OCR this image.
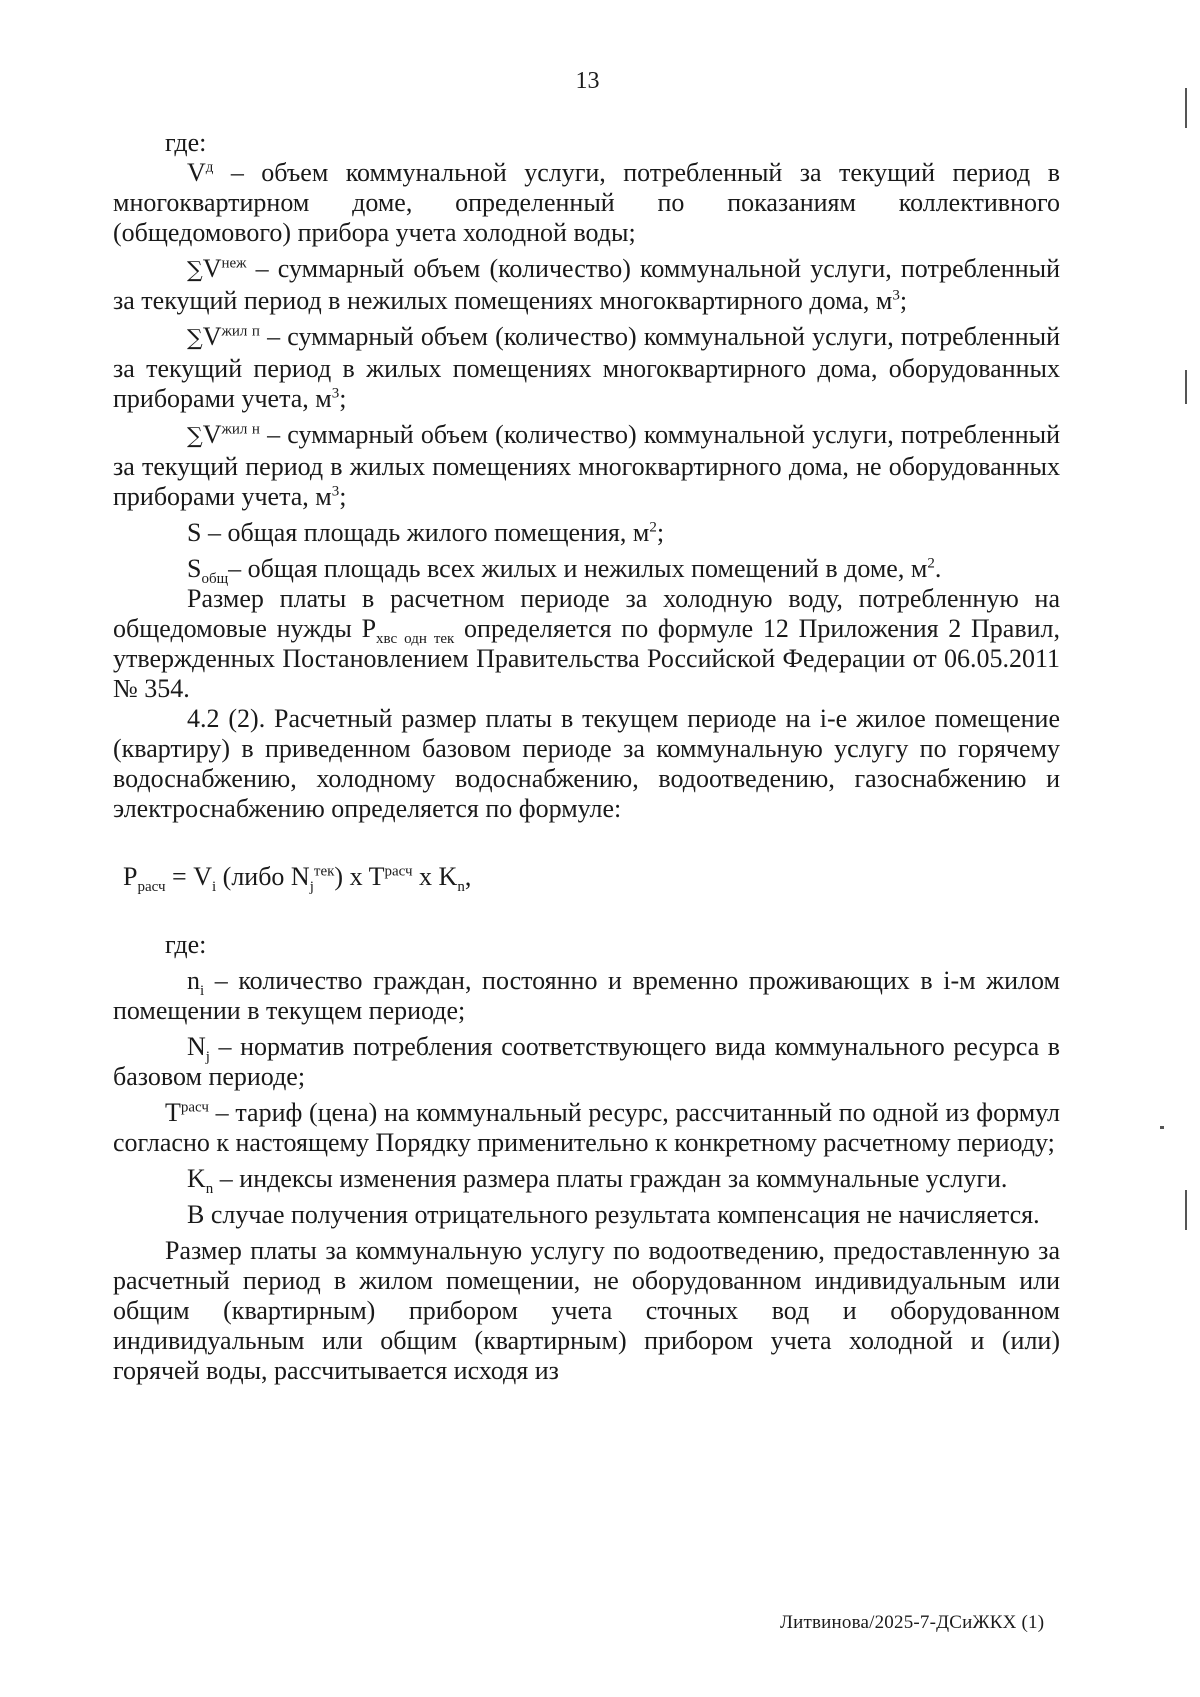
13

где:

$V^д$ – объем коммунальной услуги, потребленный за текущий период в многоквартирном доме, определенный по показаниям коллективного (общедомового) прибора учета холодной воды;

$\sum V^{неж}$ – суммарный объем (количество) коммунальной услуги, потребленный за текущий период в нежилых помещениях многоквартирного дома, $м^3$;

$\sum V^{жил п}$ – суммарный объем (количество) коммунальной услуги, потребленный за текущий период в жилых помещениях многоквартирного дома, оборудованных приборами учета, $м^3$;

$\sum V^{жил н}$ – суммарный объем (количество) коммунальной услуги, потребленный за текущий период в жилых помещениях многоквартирного дома, не оборудованных приборами учета, $м^3$;

S – общая площадь жилого помещения, $м^2$;

$S_{общ}-$ общая площадь всех жилых и нежилых помещений в доме, $м^2$.

Размер платы в расчетном периоде за холодную воду, потребленную на общедомовые нужды $P_{хвс одн тек}$ определяется по формуле 12 Приложения 2 Правил, утвержденных Постановлением Правительства Российской Федерации от 06.05.2011 № 354.

4.2 (2). Расчетный размер платы в текущем периоде на i-е жилое помещение (квартиру) в приведенном базовом периоде за коммунальную услугу по горячему водоснабжению, холодному водоснабжению, водоотведению, газоснабжению и электроснабжению определяется по формуле:

$P_{расч} = V_i$ (либо $N_j^{тек}$) x $T^{расч}$ x $K_n$,

где:

$n_i$ – количество граждан, постоянно и временно проживающих в i-м жилом помещении в текущем периоде;

$N_j$ – норматив потребления соответствующего вида коммунального ресурса в базовом периоде;

$T^{расч}$ – тариф (цена) на коммунальный ресурс, рассчитанный по одной из формул согласно к настоящему Порядку применительно к конкретному расчетному периоду;

$K_n$ – индексы изменения размера платы граждан за коммунальные услуги.

В случае получения отрицательного результата компенсация не начисляется.

Размер платы за коммунальную услугу по водоотведению, предоставленную за расчетный период в жилом помещении, не оборудованном индивидуальным или общим (квартирным) прибором учета сточных вод и оборудованном индивидуальным или общим (квартирным) прибором учета холодной и (или) горячей воды, рассчитывается исходя из

Литвинова/2025-7-ДСиЖКХ (1)
